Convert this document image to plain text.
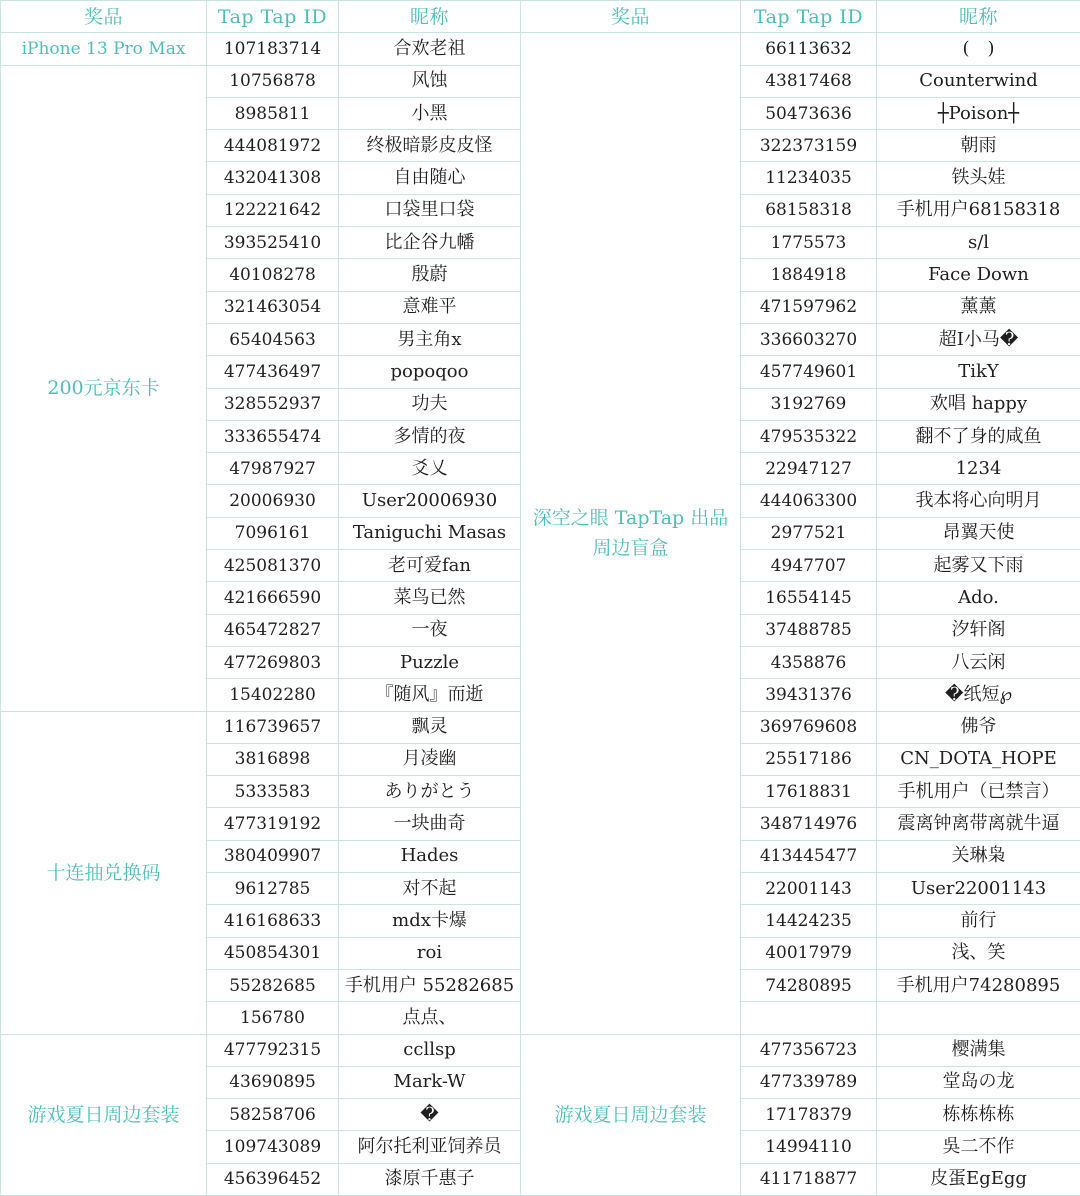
奖品	Tap Tap ID	昵称	奖品	Tap Tap ID	昵称
iPhone 13 Pro Max	107183714	合欢老祖	深空之眼 TapTap 出品周边盲盒	66113632	(　)
200元京东卡	10756878	风蚀		43817468	Counterwind
	8985811	小黑		50473636	┼Poison┼
	444081972	终极暗影皮皮怪		322373159	朝雨
	432041308	自由随心		11234035	铁头娃
	122221642	口袋里口袋		68158318	手机用户68158318
	393525410	比企谷九幡		1775573	s/l
	40108278	殷蔚		1884918	Face Down
	321463054	意难平		471597962	薰薰
	65404563	男主角x		336603270	超I小马�
	477436497	popoqoo		457749601	TikY
	328552937	功夫		3192769	欢唱 happy
	333655474	多情的夜		479535322	翻不了身的咸鱼
	47987927	爻乂		22947127	1234
	20006930	User20006930		444063300	我本将心向明月
	7096161	Taniguchi Masas		2977521	昂翼天使
	425081370	老可爱fan		4947707	起雾又下雨
	421666590	菜鸟已然		16554145	Ado.
	465472827	一夜		37488785	汐轩阁
	477269803	Puzzle		4358876	八云闲
	15402280	『随风』而逝		39431376	�纸短℘
十连抽兑换码	116739657	飘灵		369769608	佛爷
	3816898	月凌幽		25517186	CN_DOTA_HOPE
	5333583	ありがとう		17618831	手机用户（已禁言）
	477319192	一块曲奇		348714976	震离钟离带离就牛逼
	380409907	Hades		413445477	关琳枭
	9612785	对不起		22001143	User22001143
	416168633	mdx卡爆		14424235	前行
	450854301	roi		40017979	浅、笑
	55282685	手机用户 55282685		74280895	手机用户74280895
	156780	点点、			
游戏夏日周边套装	477792315	ccllsp	游戏夏日周边套装	477356723	樱满集
	43690895	Mark-W		477339789	堂岛の龙
	58258706	�		17178379	栋栋栋栋
	109743089	阿尔托利亚饲养员		14994110	吳二不作
	456396452	漆原千惠子		411718877	皮蛋EgEgg
